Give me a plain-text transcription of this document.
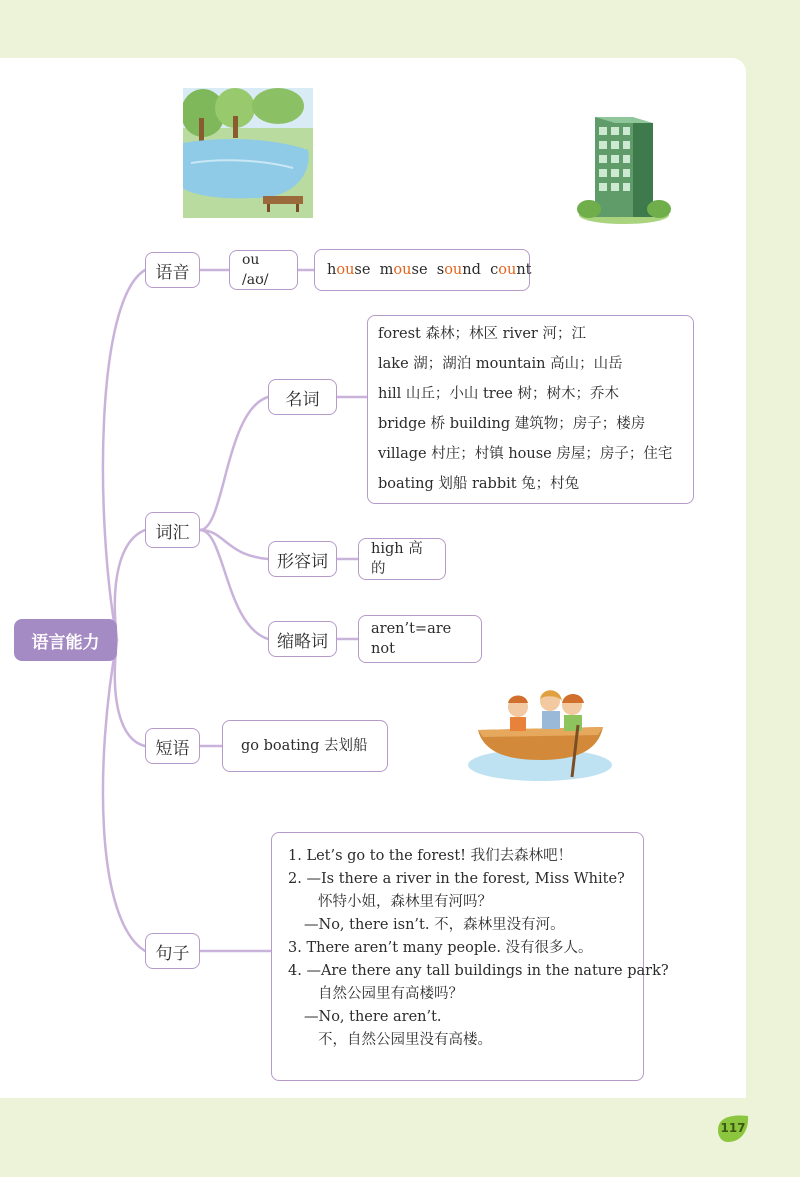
语言能力
语音
ou /aʊ/
house
mouse
sound
count
词汇
名词
forest 森林；林区 river 河；江
lake 湖；湖泊 mountain 高山；山岳
hill 山丘；小山 tree 树；树木；乔木
bridge 桥 building 建筑物；房子；楼房
village 村庄；村镇 house 房屋；房子；住宅
boating 划船 rabbit 兔；村兔
形容词
high 高的
缩略词
aren’t=are not
短语	go boating 去划船
句子
1. Let’s go to the forest! 我们去森林吧！
2. —Is there a river in the forest, Miss White?
怀特小姐，森林里有河吗？
—No, there isn’t. 不，森林里没有河。
3. There aren’t many people. 没有很多人。
4. —Are there any tall buildings in the nature park?
自然公园里有高楼吗？
—No, there aren’t.
不，自然公园里没有高楼。
117
